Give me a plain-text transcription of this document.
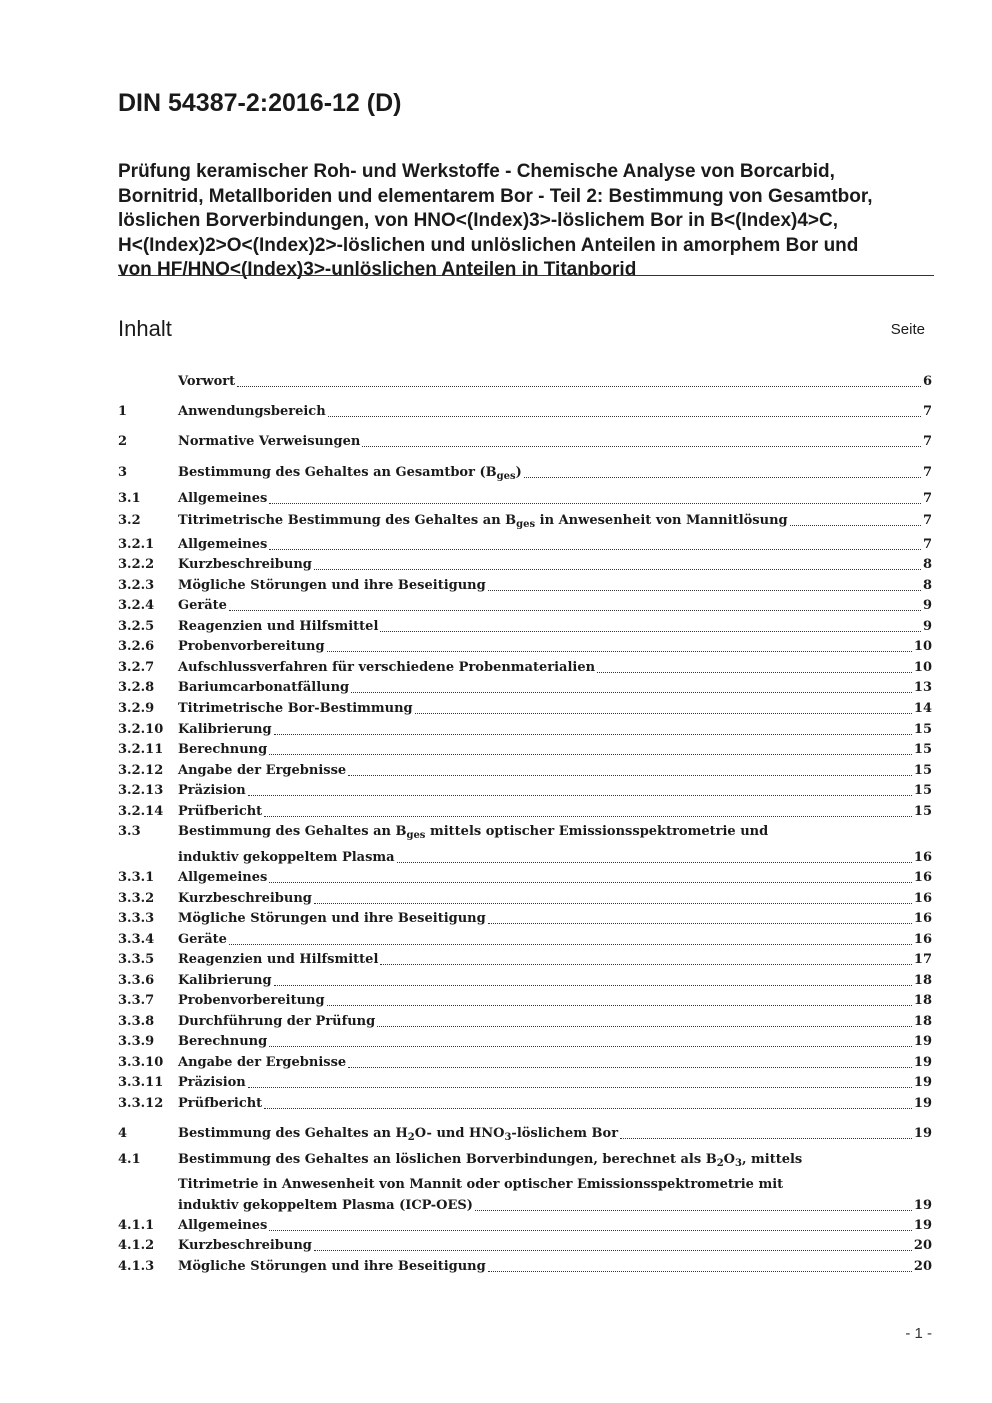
DIN 54387-2:2016-12 (D)
Prüfung keramischer Roh- und Werkstoffe - Chemische Analyse von Borcarbid,
Bornitrid, Metallboriden und elementarem Bor - Teil 2: Bestimmung von Gesamtbor,
löslichen Borverbindungen, von HNO<(Index)3>-löslichem Bor in B<(Index)4>C,
H<(Index)2>O<(Index)2>-löslichen und unlöslichen Anteilen in amorphem Bor und
von HF/HNO<(Index)3>-unlöslichen Anteilen in Titanborid
Inhalt	Seite
Vorwort	6
1	Anwendungsbereich	7
2	Normative Verweisungen	7
3	Bestimmung des Gehaltes an Gesamtbor $(B_{ges})$	7
3.1	Allgemeines	7
3.2	Titrimetrische Bestimmung des Gehaltes an $B_{ges}$ in Anwesenheit von Mannitlösung	7
3.2.1	Allgemeines	7
3.2.2	Kurzbeschreibung	8
3.2.3	Mögliche Störungen und ihre Beseitigung	8
3.2.4	Geräte	9
3.2.5	Reagenzien und Hilfsmittel	9
3.2.6	Probenvorbereitung	10
3.2.7	Aufschlussverfahren für verschiedene Probenmaterialien	10
3.2.8	Bariumcarbonatfällung	13
3.2.9	Titrimetrische Bor-Bestimmung	14
3.2.10	Kalibrierung	15
3.2.11	Berechnung	15
3.2.12	Angabe der Ergebnisse	15
3.2.13	Präzision	15
3.2.14	Prüfbericht	15
3.3	Bestimmung des Gehaltes an $B_{ges}$ mittels optischer Emissionsspektrometrie und
induktiv gekoppeltem Plasma	16
3.3.1	Allgemeines	16
3.3.2	Kurzbeschreibung	16
3.3.3	Mögliche Störungen und ihre Beseitigung	16
3.3.4	Geräte	16
3.3.5	Reagenzien und Hilfsmittel	17
3.3.6	Kalibrierung	18
3.3.7	Probenvorbereitung	18
3.3.8	Durchführung der Prüfung	18
3.3.9	Berechnung	19
3.3.10	Angabe der Ergebnisse	19
3.3.11	Präzision	19
3.3.12	Prüfbericht	19
4	Bestimmung des Gehaltes an $H_2O-$ und $HNO_3$-löslichem Bor	19
4.1	Bestimmung des Gehaltes an löslichen Borverbindungen, berechnet als $B_2O_3$, mittels
Titrimetrie in Anwesenheit von Mannit oder optischer Emissionsspektrometrie mit
induktiv gekoppeltem Plasma (ICP-OES)	19
4.1.1	Allgemeines	19
4.1.2	Kurzbeschreibung	20
4.1.3	Mögliche Störungen und ihre Beseitigung	20
- 1 -
